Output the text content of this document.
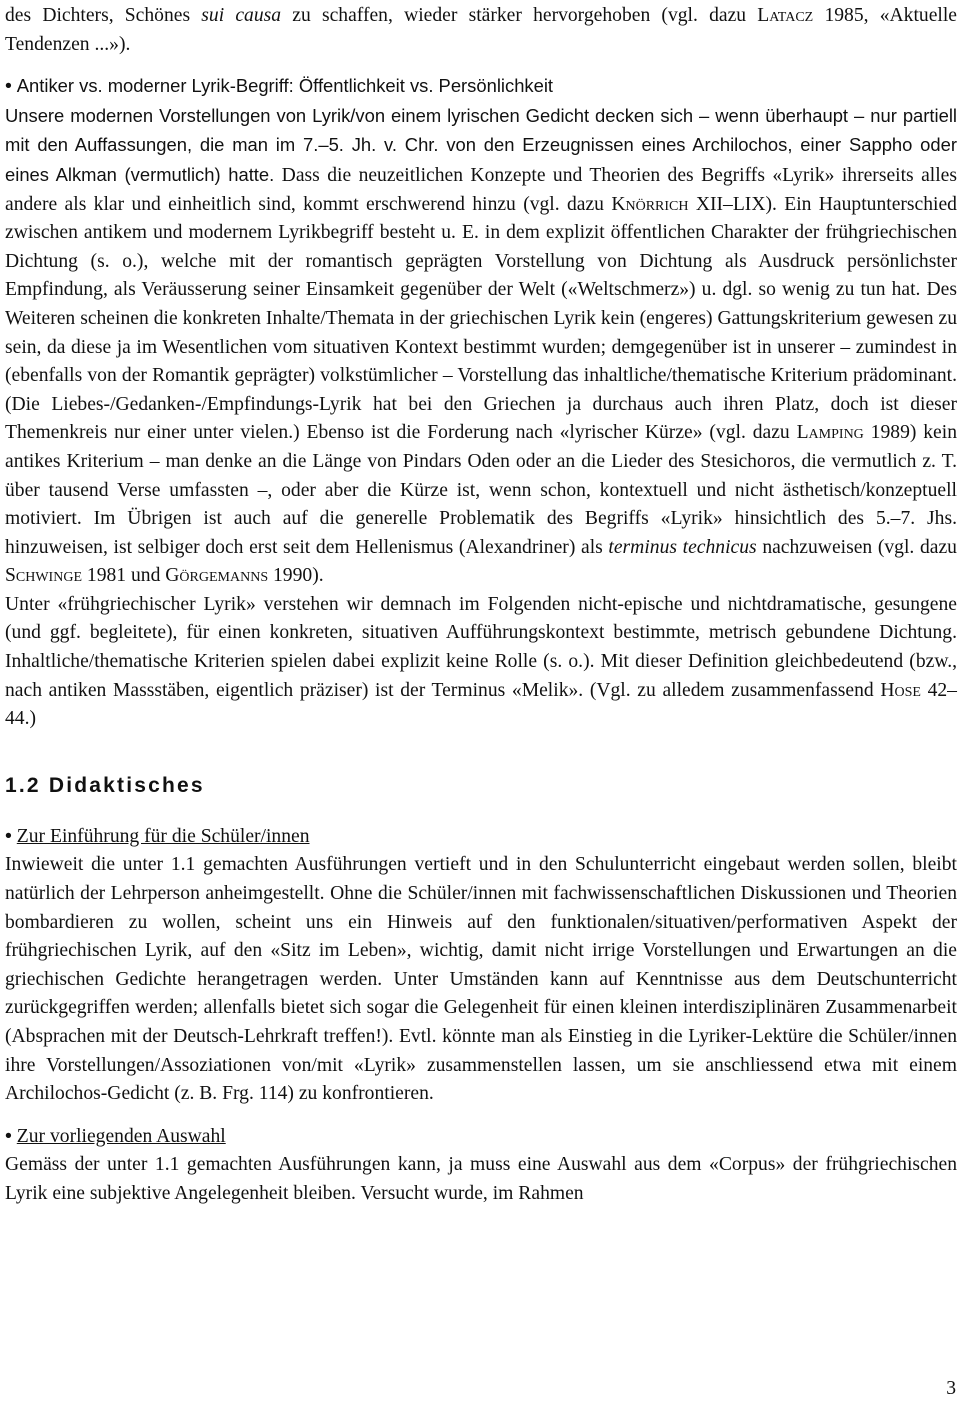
des Dichters, Schönes sui causa zu schaffen, wieder stärker hervorgehoben (vgl. dazu Latacz 1985, «Aktuelle Tendenzen ...»).

• Antiker vs. moderner Lyrik-Begriff: Öffentlichkeit vs. Persönlichkeit

Unsere modernen Vorstellungen von Lyrik/von einem lyrischen Gedicht decken sich – wenn überhaupt – nur partiell mit den Auffassungen, die man im 7.–5. Jh. v. Chr. von den Erzeugnissen eines Archilochos, einer Sappho oder eines Alkman (vermutlich) hatte. Dass die neuzeitlichen Konzepte und Theorien des Begriffs «Lyrik» ihrerseits alles andere als klar und einheitlich sind, kommt erschwerend hinzu (vgl. dazu Knörrich XII–LIX). Ein Hauptunterschied zwischen antikem und modernem Lyrikbegriff besteht u. E. in dem explizit öffentlichen Charakter der frühgriechischen Dichtung (s. o.), welche mit der romantisch geprägten Vorstellung von Dichtung als Ausdruck persönlichster Empfindung, als Veräusserung seiner Einsamkeit gegenüber der Welt («Weltschmerz») u. dgl. so wenig zu tun hat. Des Weiteren scheinen die konkreten Inhalte/Themata in der griechischen Lyrik kein (engeres) Gattungskriterium gewesen zu sein, da diese ja im Wesentlichen vom situativen Kontext bestimmt wurden; demgegenüber ist in unserer – zumindest in (ebenfalls von der Romantik geprägter) volkstümlicher – Vorstellung das inhaltliche/thematische Kriterium prädominant. (Die Liebes-/Gedanken-/Empfindungs-Lyrik hat bei den Griechen ja durchaus auch ihren Platz, doch ist dieser Themenkreis nur einer unter vielen.) Ebenso ist die Forderung nach «lyrischer Kürze» (vgl. dazu Lamping 1989) kein antikes Kriterium – man denke an die Länge von Pindars Oden oder an die Lieder des Stesichoros, die vermutlich z. T. über tausend Verse umfassten –, oder aber die Kürze ist, wenn schon, kontextuell und nicht ästhetisch/konzeptuell motiviert. Im Übrigen ist auch auf die generelle Problematik des Begriffs «Lyrik» hinsichtlich des 5.–7. Jhs. hinzuweisen, ist selbiger doch erst seit dem Hellenismus (Alexandriner) als terminus technicus nachzuweisen (vgl. dazu Schwinge 1981 und Görgemanns 1990).

Unter «frühgriechischer Lyrik» verstehen wir demnach im Folgenden nicht-epische und nichtdramatische, gesungene (und ggf. begleitete), für einen konkreten, situativen Aufführungskontext bestimmte, metrisch gebundene Dichtung. Inhaltliche/thematische Kriterien spielen dabei explizit keine Rolle (s. o.). Mit dieser Definition gleichbedeutend (bzw., nach antiken Massstäben, eigentlich präziser) ist der Terminus «Melik». (Vgl. zu alledem zusammenfassend Hose 42–44.)

1.2 Didaktisches

• Zur Einführung für die Schüler/innen

Inwieweit die unter 1.1 gemachten Ausführungen vertieft und in den Schulunterricht eingebaut werden sollen, bleibt natürlich der Lehrperson anheimgestellt. Ohne die Schüler/innen mit fachwissenschaftlichen Diskussionen und Theorien bombardieren zu wollen, scheint uns ein Hinweis auf den funktionalen/situativen/performativen Aspekt der frühgriechischen Lyrik, auf den «Sitz im Leben», wichtig, damit nicht irrige Vorstellungen und Erwartungen an die griechischen Gedichte herangetragen werden. Unter Umständen kann auf Kenntnisse aus dem Deutschunterricht zurückgegriffen werden; allenfalls bietet sich sogar die Gelegenheit für einen kleinen interdisziplinären Zusammenarbeit (Absprachen mit der Deutsch-Lehrkraft treffen!). Evtl. könnte man als Einstieg in die Lyriker-Lektüre die Schüler/innen ihre Vorstellungen/Assoziationen von/mit «Lyrik» zusammenstellen lassen, um sie anschliessend etwa mit einem Archilochos-Gedicht (z. B. Frg. 114) zu konfrontieren.

• Zur vorliegenden Auswahl

Gemäss der unter 1.1 gemachten Ausführungen kann, ja muss eine Auswahl aus dem «Corpus» der frühgriechischen Lyrik eine subjektive Angelegenheit bleiben. Versucht wurde, im Rahmen

3
